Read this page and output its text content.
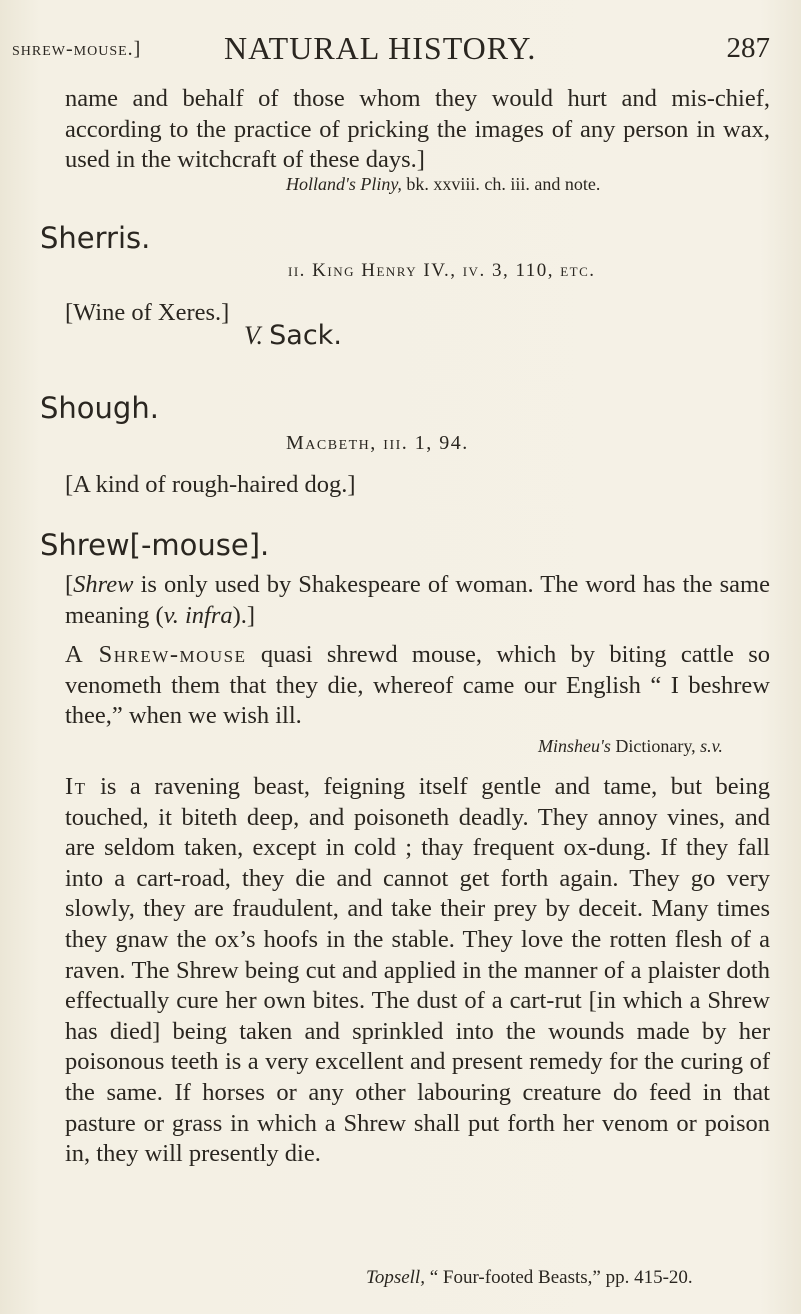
shrew-mouse.]	NATURAL HISTORY.	287

name and behalf of those whom they would hurt and mis-chief, according to the practice of pricking the images of any person in wax, used in the witchcraft of these days.]

Holland's Pliny, bk. xxviii. ch. iii. and note.
Sherris.
ii. King Henry IV., iv. 3, 110, etc.
[Wine of Xeres.]
V. Sack.
Shough.
Macbeth, iii. 1, 94.
[A kind of rough-haired dog.]
Shrew[-mouse].

[Shrew is only used by Shakespeare of woman. The word has the same meaning (v. infra).]

A Shrew-mouse quasi shrewd mouse, which by biting cattle so venometh them that they die, whereof came our English “ I beshrew thee,” when we wish ill.

Minsheu's Dictionary, s.v.

It is a ravening beast, feigning itself gentle and tame, but being touched, it biteth deep, and poisoneth deadly. They annoy vines, and are seldom taken, except in cold ; thay frequent ox-dung. If they fall into a cart-road, they die and cannot get forth again. They go very slowly, they are fraudulent, and take their prey by deceit. Many times they gnaw the ox’s hoofs in the stable. They love the rotten flesh of a raven. The Shrew being cut and applied in the manner of a plaister doth effectually cure her own bites. The dust of a cart-rut [in which a Shrew has died] being taken and sprinkled into the wounds made by her poisonous teeth is a very excellent and present remedy for the curing of the same. If horses or any other labouring creature do feed in that pasture or grass in which a Shrew shall put forth her venom or poison in, they will presently die.

Topsell, “ Four-footed Beasts,” pp. 415-20.
